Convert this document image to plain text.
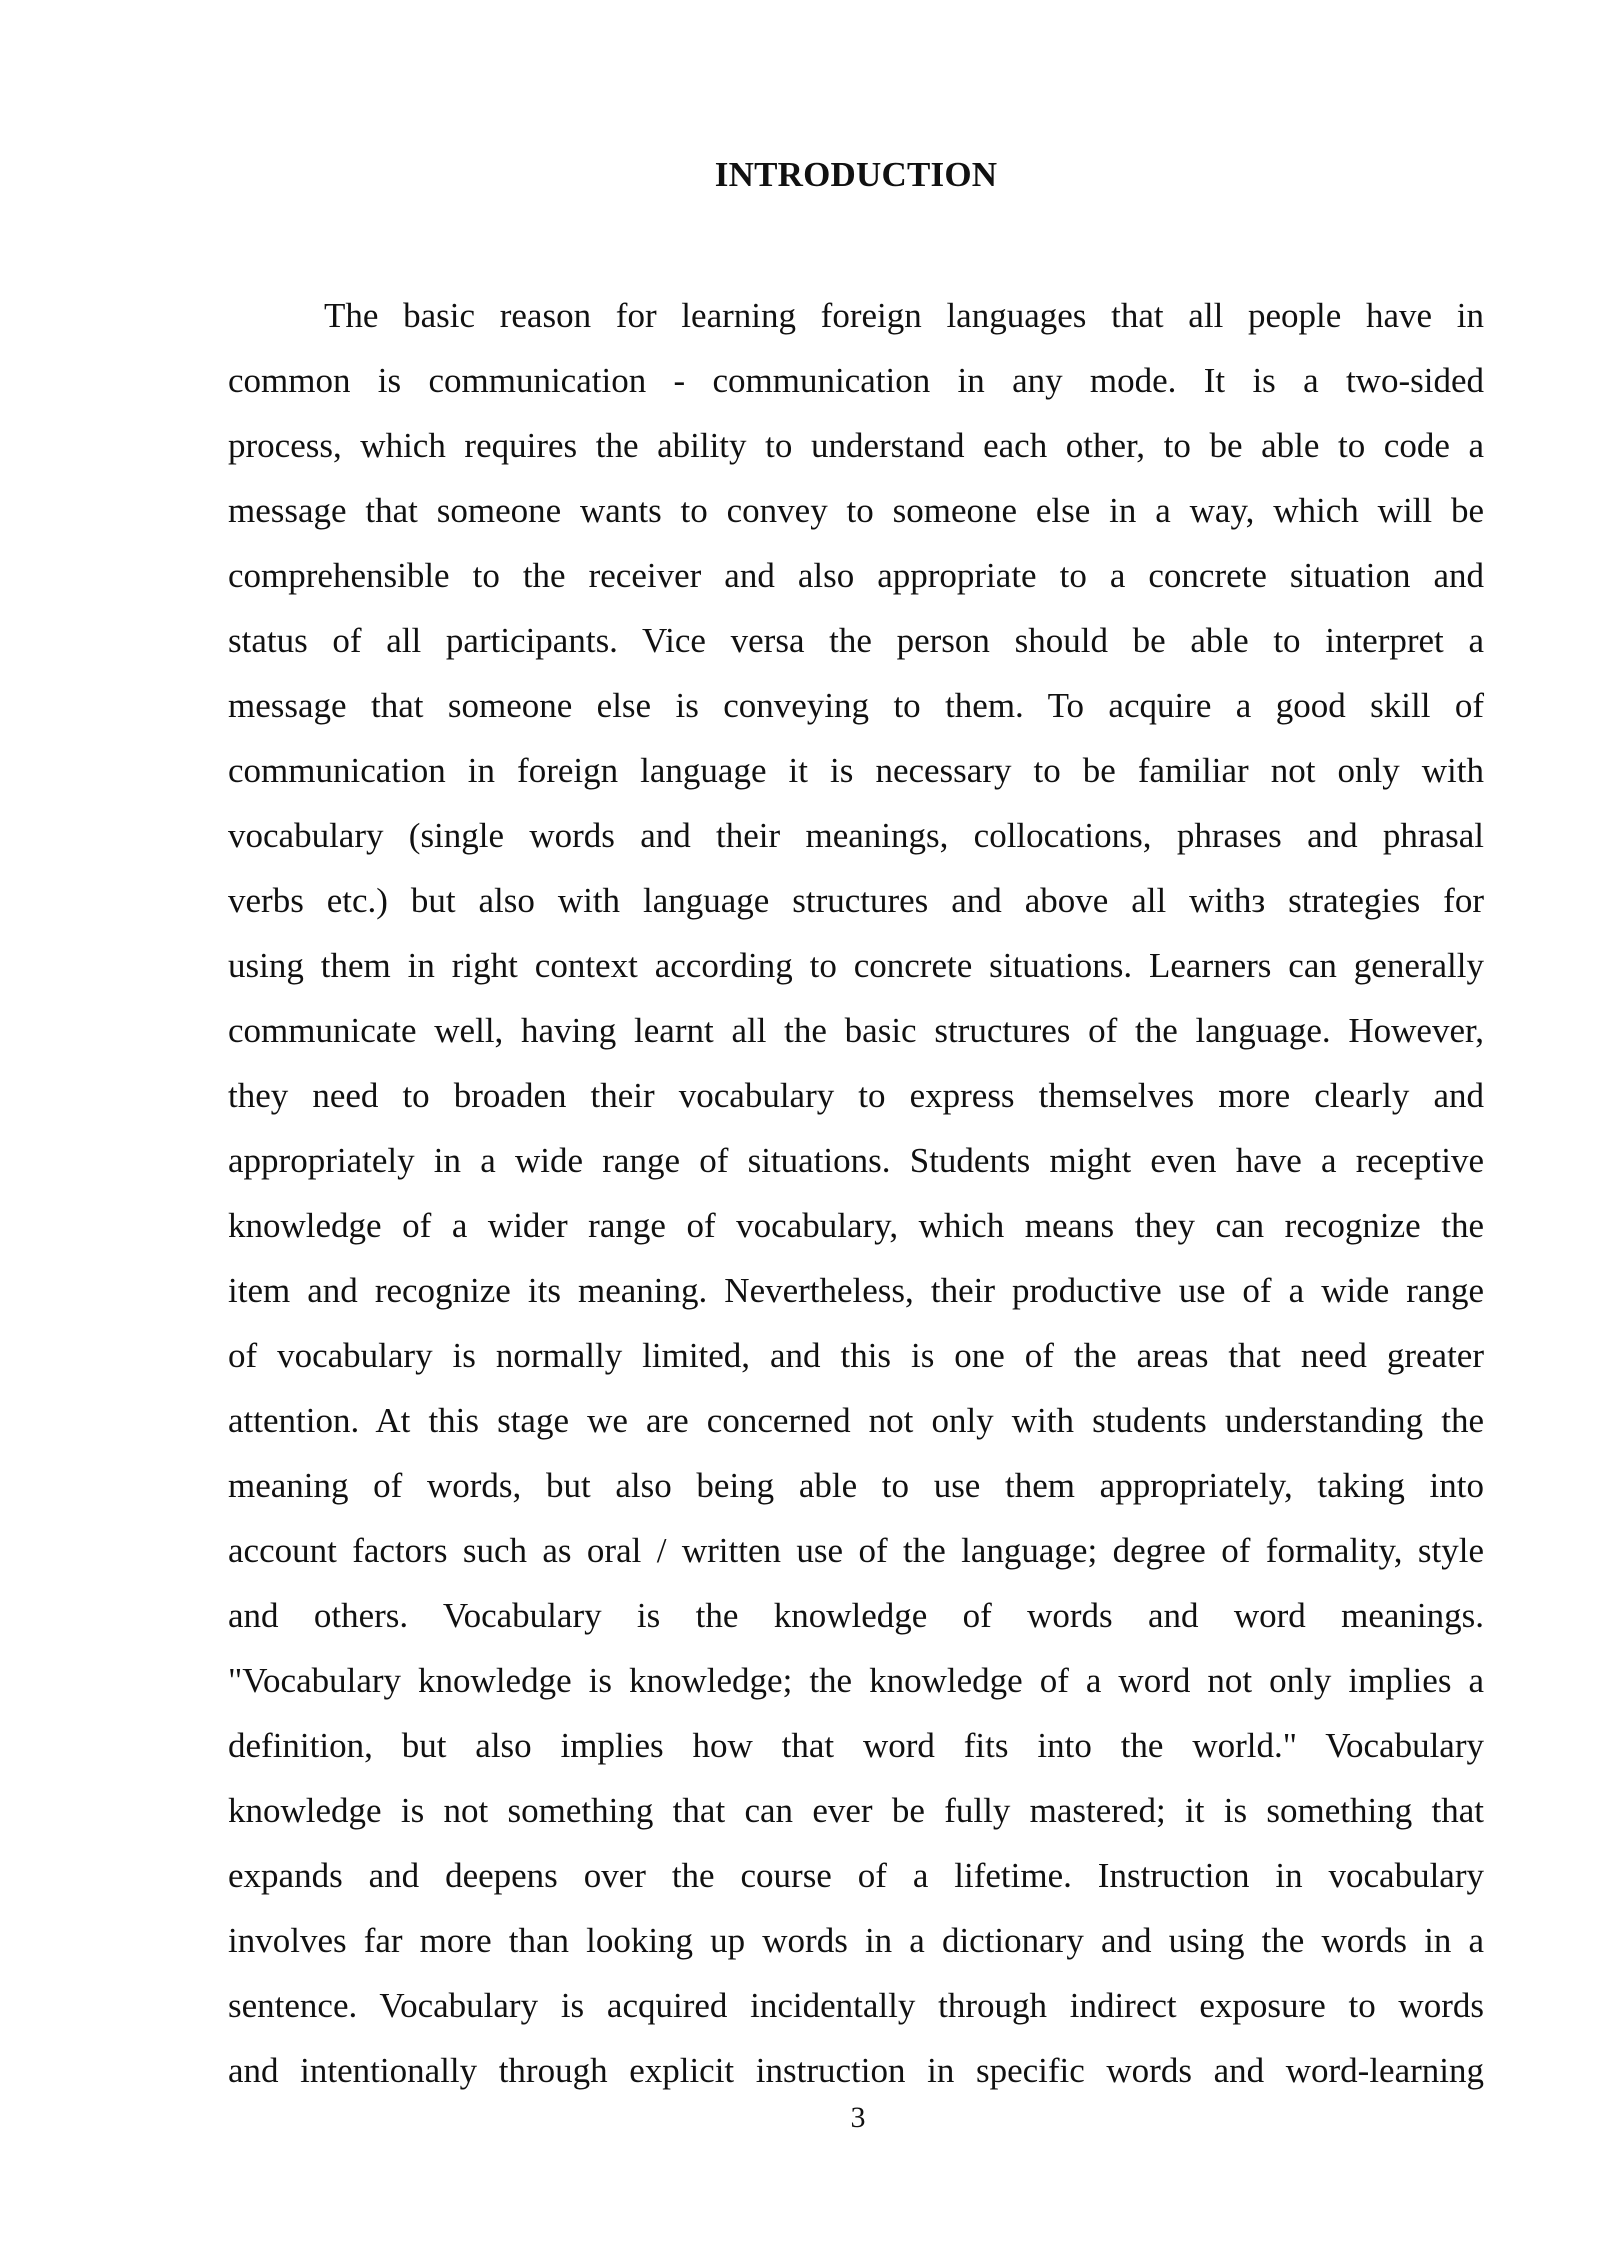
INTRODUCTION
The basic reason for learning foreign languages that all people have in
common is communication - communication in any mode. It is a two-sided
process, which requires the ability to understand each other, to be able to code a
message that someone wants to convey to someone else in a way, which will be
comprehensible to the receiver and also appropriate to a concrete situation and
status of all participants. Vice versa the person should be able to interpret a
message that someone else is conveying to them. To acquire a good skill of
communication in foreign language it is necessary to be familiar not only with
vocabulary (single words and their meanings, collocations, phrases and phrasal
verbs etc.) but also with language structures and above all withз strategies for
using them in right context according to concrete situations. Learners can generally
communicate well, having learnt all the basic structures of the language. However,
they need to broaden their vocabulary to express themselves more clearly and
appropriately in a wide range of situations. Students might even have a receptive
knowledge of a wider range of vocabulary, which means they can recognize the
item and recognize its meaning. Nevertheless, their productive use of a wide range
of vocabulary is normally limited, and this is one of the areas that need greater
attention. At this stage we are concerned not only with students understanding the
meaning of words, but also being able to use them appropriately, taking into
account factors such as oral / written use of the language; degree of formality, style
and others. Vocabulary is the knowledge of words and word meanings.
"Vocabulary knowledge is knowledge; the knowledge of a word not only implies a
definition, but also implies how that word fits into the world." Vocabulary
knowledge is not something that can ever be fully mastered; it is something that
expands and deepens over the course of a lifetime. Instruction in vocabulary
involves far more than looking up words in a dictionary and using the words in a
sentence. Vocabulary is acquired incidentally through indirect exposure to words
and intentionally through explicit instruction in specific words and word-learning
3
